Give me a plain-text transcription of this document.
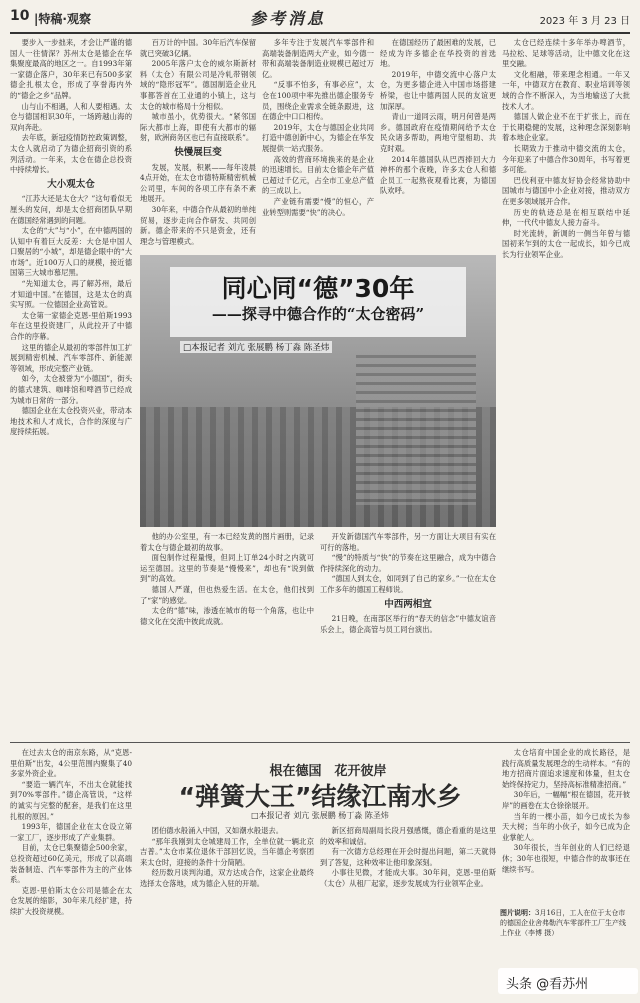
10 |特稿·观察	参考消息	2023 年 3 月 23 日

要步入一步拙来，才会让严谨的德国人一往情深？苏州太仓是德企在华集聚度最高的地区之一。自1993年第一家德企落户，30年来已有500多家德企扎根太仓，形成了享誉海内外的“德企之乡”品牌。

山与山不相遇，人和人要相遇。太仓与德国相识30年，一场跨越山海的双向奔赴。

去年底，新冠疫情防控政策调整，太仓人就启动了为德企招商引资的系列活动。一年来，太仓在德企总投资中持续增长。

大小观太仓

“江苏大还是太仓大？”这句看似无厘头的发问，却是太仓招商团队早期在德国经常遇到的问题。

太仓的“大”与“小”，在中德两国的认知中有着巨大反差：大仓是中国人口聚居的“小城”，却是德企眼中的“大市场”。近100万人口的规模，接近德国第三大城市慕尼黑。

“先知道太仓，再了解苏州，最后才知道中国。”在德国，这是太仓的真实写照。一位德国企业高管说。

太仓第一家德企克恩-里伯斯1993年在这里投资建厂，从此拉开了中德合作的序幕。

这里的德企从最初的零部件加工扩展到精密机械、汽车零部件、新能源等领域，形成完整产业链。

如今，太仓被誉为“小德国”，街头的德式建筑、咖啡馆和啤酒节已经成为城市日常的一部分。

德国企业在太仓投资兴业，带动本地技术和人才成长，合作的深度与广度持续拓展。

百万计的中国。30年后汽车保留就已突破3亿辆。

2005年落户太仓的威尔斯新材料（太仓）有限公司是冷轧带钢领域的“隐形冠军”。德国制造企业凡事都答首在工业通的小镇上，这与太仓的城市格局十分相似。

城市虽小，优势很大。“紧邻国际大都市上海，即使有大都市的辐射，欧洲商务区也已有直接联系”。

快慢展巨变

发展，发展，积累——每年凌晨4点开始，在太仓市德特斯精密机械公司里，车间的各项工序有条不紊地展开。

30年来，中德合作从最初的单纯贸易，逐步走向合作研发、共同创新。德企带来的不只是资金，还有理念与管理模式。

多年专注于发展汽车零部件和高端装备制造两大产业，如今德一带和高端装备制造业规模已超过万亿。

“反事不怕多，有事必应”，太仓在100项中率先推出德企服务专员，围绕企业需求全链条跟进，这在德企中口口相传。

2019年，太仓与德国企业共同打造中德创新中心，为德企在华发展提供一站式服务。

高效的营商环境换来的是企业的迅速增长。目前太仓德企年产值已超过千亿元，占全市工业总产值的三成以上。

产业链有需要“慢”的恒心，产业转型则需要“快”的决心。

在德国经历了最困难的发展，已经成为许多德企在华投资的首选地。

2019年，中德交流中心落户太仓，为更多德企进入中国市场搭建桥梁，也让中德两国人民的友谊更加深厚。

青山一道同云雨，明月何曾是两乡。德国政府在疫情期间给予太仓民众诸多帮助，两地守望相助、共克时艰。

2014年德国队从巴西捧回大力神杯的那个夜晚，许多太仓人和德企员工一起熬夜观看比赛，为德国队欢呼。

太仓已经连续十多年举办啤酒节，马拉松、足球等活动，让中德文化在这里交融。

文化相融，带来理念相通。一年又一年，中德双方在教育、职业培训等领域的合作不断深入，为当地输送了大批技术人才。

德国人做企业不在于扩张上，而在于长期稳健的发展，这种理念深刻影响着本地企业家。

长期致力于推动中德交流的太仓，今年迎来了中德合作30周年，书写着更多可能。

巴伐利亚中德友好协会经常协助中国城市与德国中小企业对接，推动双方在更多领域展开合作。

历史的轨迹总是在相互联结中延伸，一代代中德友人接力奋斗。

时光流转，新调的一侧当年曾与德国初来乍到的太仓一起成长，如今已成长为行业领军企业。

同心同“德”30年
——探寻中德合作的“太仓密码”
□本报记者 刘亢 张展鹏 杨丁淼 陈圣炜

他的办公室里，有一本已经发黄的图片画册，记录着太仓与德企最初的故事。

面包制作过程量慢，但同上订单24小时之内就可运至德国。这里的节奏是“慢慢来”，却也有“说到做到”的高效。

德国人严谨，但也热爱生活。在太仓，他们找到了“家”的感觉。

太仓的“德”味，渗透在城市的每一个角落，也让中德文化在交流中彼此成就。

开发新德国汽车零部件，另一方面让大项目有实在可行的落地。

“慢”的特质与“快”的节奏在这里融合，成为中德合作持续深化的动力。

“德国人到太仓，如同到了自己的家乡。”一位在太仓工作多年的德国工程师说。

中西两相宜

21日晚，在南部区举行的“春天的信念”中德友谊音乐会上，德企高管与员工同台演出。

在过去太仓的南京东路，从“克恩-里伯斯”出发，4公里范围内聚集了40多家外资企业。

“要造一辆汽车，不出太仓就能找到70%零部件。”德企高管说，“这样的诚实与完整的配套，是我们在这里扎根的原因。”

1993年，德国企业在太仓设立第一家工厂，逐步形成了产业集群。

目前，太仓已集聚德企500余家，总投资超过60亿美元，形成了以高端装备制造、汽车零部件为主的产业体系。

克恩-里伯斯太仓公司是德企在太仓发展的缩影，30年来几经扩建，持续扩大投资规模。

根在德国　花开彼岸
“弹簧大王”结缘江南水乡
□本报记者 刘亢 张展鹏 杨丁淼 陈圣炜

团伯德水般涌入中国，又如潮水般退去。

“那年我刚到太仓城建局工作，全单位就一辆北京吉普。”太仓市某位退休干部回忆说，当年德企考察团来太仓时，迎接的条件十分简陋。

经历数月谈判沟通，双方达成合作，这家企业最终选择太仓落地，成为德企入驻的开端。

新区招商局副局长段月强感慨，德企看重的是这里的效率和诚信。

有一次德方总经理在开会时提出问题，第二天就得到了答复，这种效率让他印象深刻。

小事往见微，才能成大事。30年间，克恩-里伯斯（太仓）从租厂起家，逐步发展成为行业领军企业。

太仓培育中国企业的成长路径，是践行高质量发展理念的生动样本。“有的地方招商片面追求速度和体量，但太仓始终保持定力，坚持高标准精准招商。”

30年后，一幅幅“根在德国，花开彼岸”的画卷在太仓徐徐展开。

当年的一棵小苗，如今已成长为参天大树；当年的小伙子，如今已成为企业掌舵人。

30年很长，当年创业的人们已经退休；30年也很短，中德合作的故事还在继续书写。

图片说明：3月16日，工人在位于太仓市的德国企业舍弗勒汽车零部件工厂生产线上作业（李博 摄）
头条 @看苏州
